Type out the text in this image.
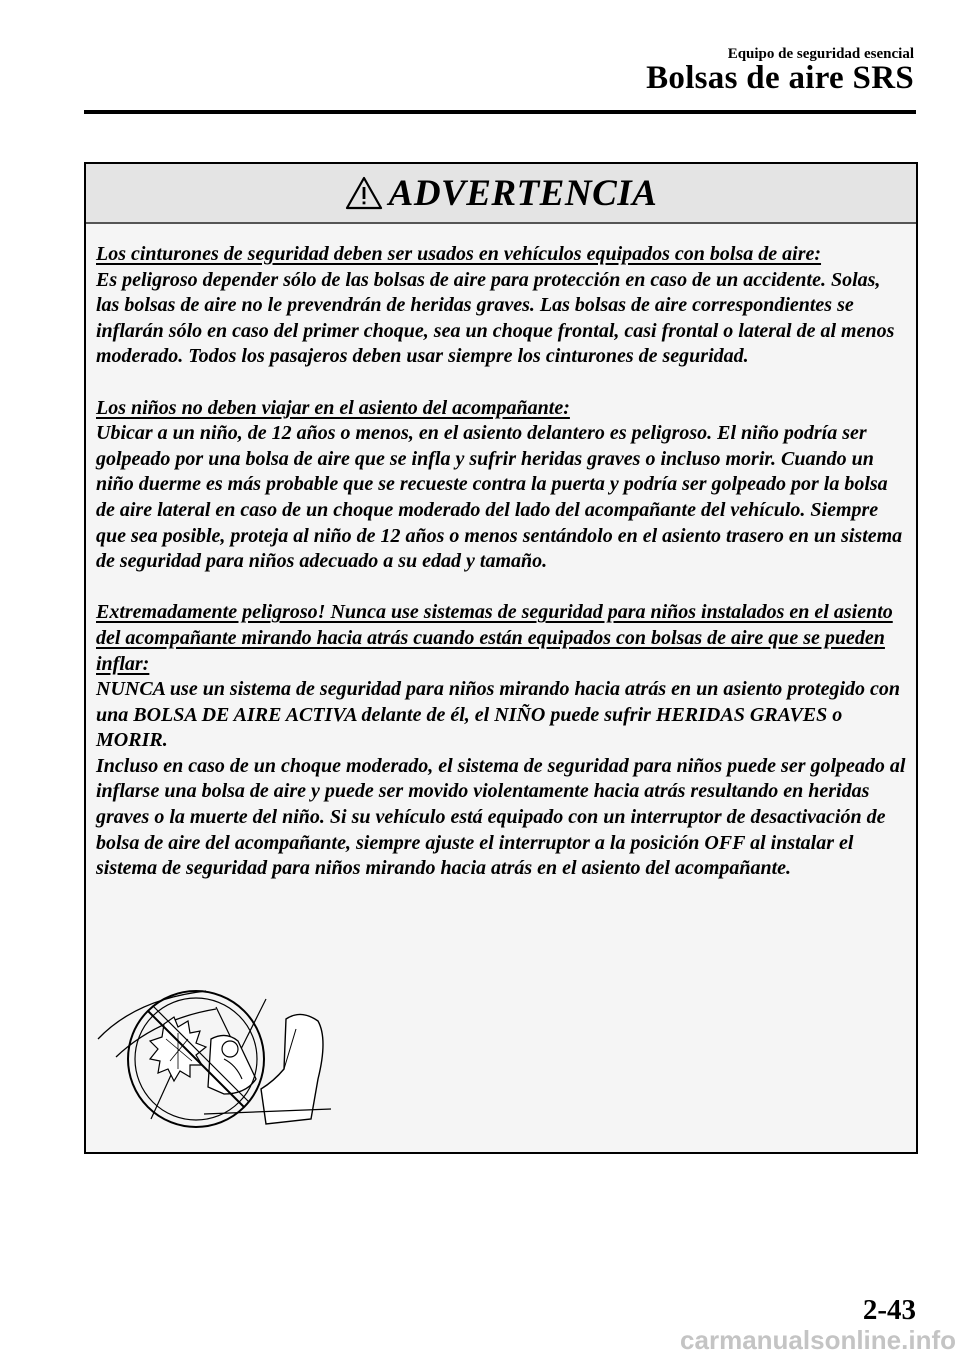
Equipo de seguridad esencial
Bolsas de aire SRS
ADVERTENCIA
Los cinturones de seguridad deben ser usados en vehículos equipados con bolsa de aire:
Es peligroso depender sólo de las bolsas de aire para protección en caso de un accidente. Solas, las bolsas de aire no le prevendrán de heridas graves. Las bolsas de aire correspondientes se inflarán sólo en caso del primer choque, sea un choque frontal, casi frontal o lateral de al menos moderado. Todos los pasajeros deben usar siempre los cinturones de seguridad.
Los niños no deben viajar en el asiento del acompañante:
Ubicar a un niño, de 12 años o menos, en el asiento delantero es peligroso. El niño podría ser golpeado por una bolsa de aire que se infla y sufrir heridas graves o incluso morir. Cuando un niño duerme es más probable que se recueste contra la puerta y podría ser golpeado por la bolsa de aire lateral en caso de un choque moderado del lado del acompañante del vehículo. Siempre que sea posible, proteja al niño de 12 años o menos sentándolo en el asiento trasero en un sistema de seguridad para niños adecuado a su edad y tamaño.
Extremadamente peligroso! Nunca use sistemas de seguridad para niños instalados en el asiento del acompañante mirando hacia atrás cuando están equipados con bolsas de aire que se pueden inflar:
NUNCA use un sistema de seguridad para niños mirando hacia atrás en un asiento protegido con una BOLSA DE AIRE ACTIVA delante de él, el NIÑO puede sufrir HERIDAS GRAVES o MORIR.
Incluso en caso de un choque moderado, el sistema de seguridad para niños puede ser golpeado al inflarse una bolsa de aire y puede ser movido violentamente hacia atrás resultando en heridas graves o la muerte del niño. Si su vehículo está equipado con un interruptor de desactivación de bolsa de aire del acompañante, siempre ajuste el interruptor a la posición OFF al instalar el sistema de seguridad para niños mirando hacia atrás en el asiento del acompañante.
2-43
carmanualsonline.info
